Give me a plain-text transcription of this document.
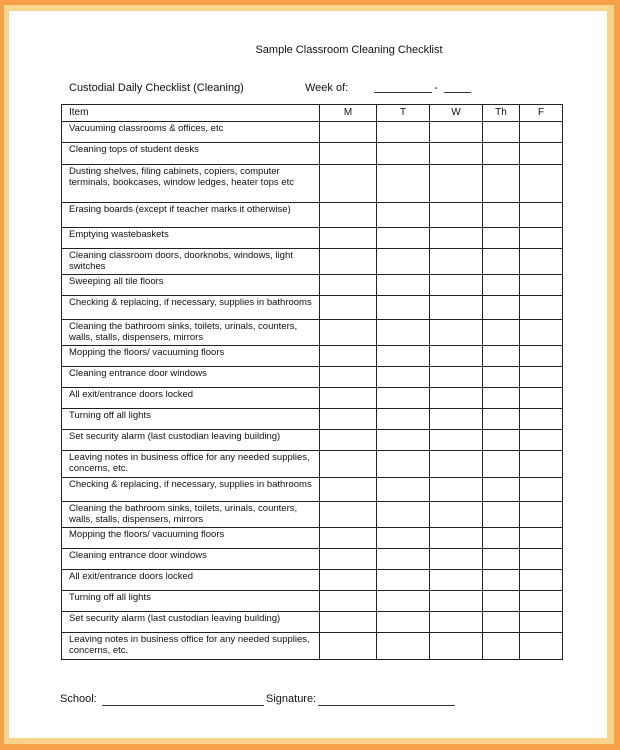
Sample Classroom Cleaning Checklist
Custodial Daily Checklist (Cleaning)	Week of:	-
Item	M	T	W	Th	F
Vacuuming classrooms & offices, etc					
Cleaning tops of student desks					
Dusting shelves, filing cabinets, copiers, computer terminals, bookcases, window ledges, heater tops etc					
Erasing boards (except if teacher marks it otherwise)					
Emptying wastebaskets					
Cleaning classroom doors, doorknobs, windows, light switches					
Sweeping all tile floors					
Checking & replacing, if necessary, supplies in bathrooms					
Cleaning the bathroom sinks, toilets, urinals, counters, walls, stalls, dispensers, mirrors					
Mopping the floors/ vacuuming floors					
Cleaning entrance door windows					
All exit/entrance doors locked					
Turning off all lights					
Set security alarm (last custodian leaving building)					
Leaving notes in business office for any needed supplies, concerns, etc.					
Checking & replacing, if necessary, supplies in bathrooms					
Cleaning the bathroom sinks, toilets, urinals, counters, walls, stalls, dispensers, mirrors					
Mopping the floors/ vacuuming floors					
Cleaning entrance door windows					
All exit/entrance doors locked					
Turning off all lights					
Set security alarm (last custodian leaving building)					
Leaving notes in business office for any needed supplies, concerns, etc.					
School:	Signature:
